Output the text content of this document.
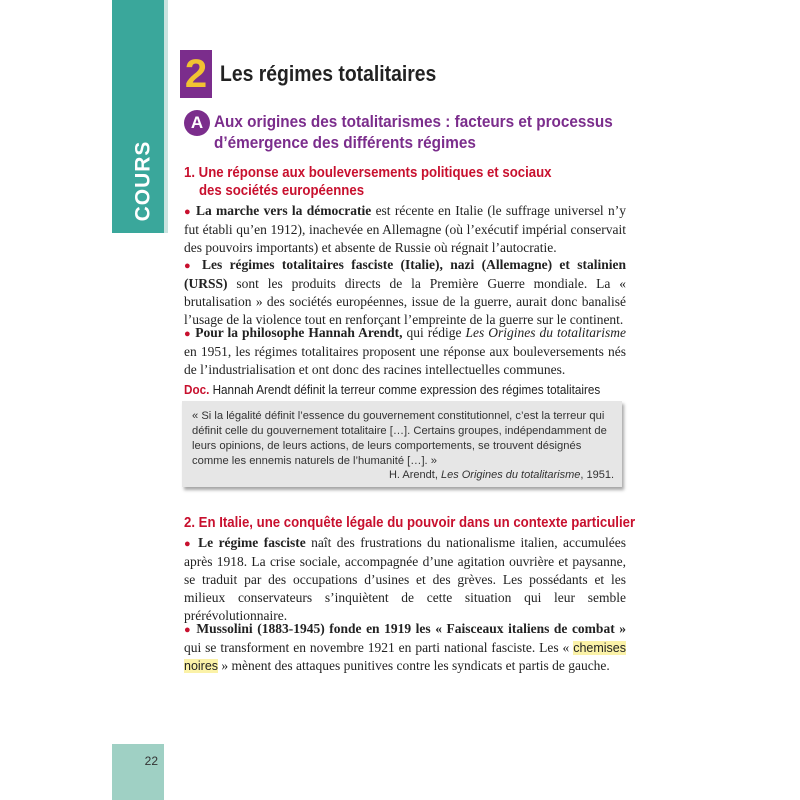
COURS
22
2 Les régimes totalitaires
A Aux origines des totalitarismes : facteurs et processus
d’émergence des différents régimes
1. Une réponse aux bouleversements politiques et sociaux
des sociétés européennes
● La marche vers la démocratie est récente en Italie (le suffrage universel n’y fut établi qu’en 1912), inachevée en Allemagne (où l’exécutif impérial conservait des pouvoirs importants) et absente de Russie où régnait l’autocratie.
● Les régimes totalitaires fasciste (Italie), nazi (Allemagne) et stalinien (URSS) sont les produits directs de la Première Guerre mondiale. La « brutalisation » des sociétés européennes, issue de la guerre, aurait donc banalisé l’usage de la violence tout en renforçant l’empreinte de la guerre sur le continent.
● Pour la philosophe Hannah Arendt, qui rédige Les Origines du totalitarisme en 1951, les régimes totalitaires proposent une réponse aux bouleversements nés de l’industrialisation et ont donc des racines intellectuelles communes.
Doc. Hannah Arendt définit la terreur comme expression des régimes totalitaires
« Si la légalité définit l’essence du gouvernement constitutionnel, c’est la terreur qui définit celle du gouvernement totalitaire […]. Certains groupes, indépendamment de leurs opinions, de leurs actions, de leurs comportements, se trouvent désignés comme les ennemis naturels de l’humanité […]. »
H. Arendt, Les Origines du totalitarisme, 1951.
2. En Italie, une conquête légale du pouvoir dans un contexte particulier
● Le régime fasciste naît des frustrations du nationalisme italien, accumulées après 1918. La crise sociale, accompagnée d’une agitation ouvrière et paysanne, se traduit par des occupations d’usines et des grèves. Les possédants et les milieux conservateurs s’inquiètent de cette situation qui leur semble prérévolutionnaire.
● Mussolini (1883-1945) fonde en 1919 les « Faisceaux italiens de combat » qui se transforment en novembre 1921 en parti national fasciste. Les « chemises noires » mènent des attaques punitives contre les syndicats et partis de gauche.
